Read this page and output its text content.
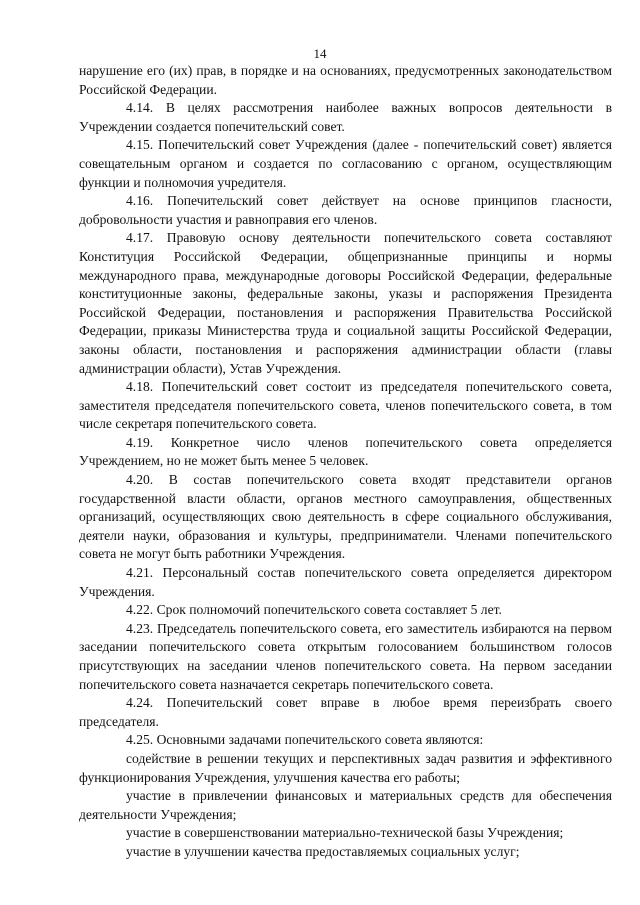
14

нарушение его (их) прав, в порядке и на основаниях, предусмотренных законодательством Российской Федерации.

4.14. В целях рассмотрения наиболее важных вопросов деятельности в Учреждении создается попечительский совет.

4.15. Попечительский совет Учреждения (далее - попечительский совет) является совещательным органом и создается по согласованию с органом, осуществляющим функции и полномочия учредителя.

4.16. Попечительский совет действует на основе принципов гласности, добровольности участия и равноправия его членов.

4.17. Правовую основу деятельности попечительского совета составляют Конституция Российской Федерации, общепризнанные принципы и нормы международного права, международные договоры Российской Федерации, федеральные конституционные законы, федеральные законы, указы и распоряжения Президента Российской Федерации, постановления и распоряжения Правительства Российской Федерации, приказы Министерства труда и социальной защиты Российской Федерации, законы области, постановления и распоряжения администрации области (главы администрации области), Устав Учреждения.

4.18. Попечительский совет состоит из председателя попечительского совета, заместителя председателя попечительского совета, членов попечительского совета, в том числе секретаря попечительского совета.

4.19. Конкретное число членов попечительского совета определяется Учреждением, но не может быть менее 5 человек.

4.20. В состав попечительского совета входят представители органов государственной власти области, органов местного самоуправления, общественных организаций, осуществляющих свою деятельность в сфере социального обслуживания, деятели науки, образования и культуры, предприниматели. Членами попечительского совета не могут быть работники Учреждения.

4.21. Персональный состав попечительского совета определяется директором Учреждения.

4.22. Срок полномочий попечительского совета составляет 5 лет.

4.23. Председатель попечительского совета, его заместитель избираются на первом заседании попечительского совета открытым голосованием большинством голосов присутствующих на заседании членов попечительского совета. На первом заседании попечительского совета назначается секретарь попечительского совета.

4.24. Попечительский совет вправе в любое время переизбрать своего председателя.

4.25. Основными задачами попечительского совета являются:

содействие в решении текущих и перспективных задач развития и эффективного функционирования Учреждения, улучшения качества его работы;

участие в привлечении финансовых и материальных средств для обеспечения деятельности Учреждения;

участие в совершенствовании материально-технической базы Учреждения;

участие в улучшении качества предоставляемых социальных услуг;
